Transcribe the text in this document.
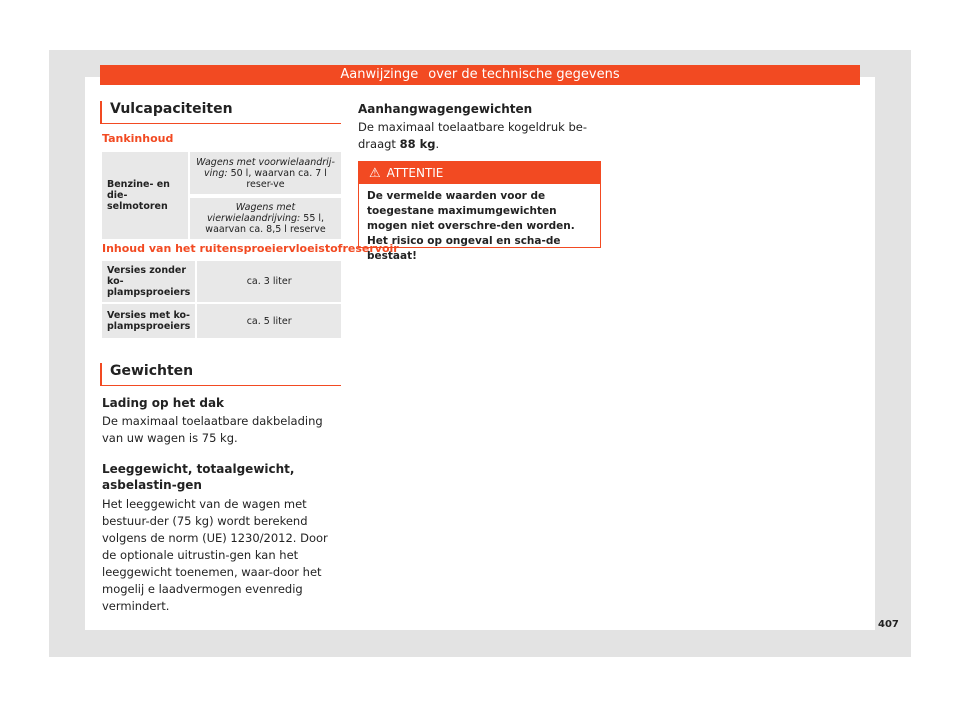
Aanwijzinge over de technische gegevens
Vulcapaciteiten
Tankinhoud
Benzine- en die-selmotoren	Wagens met voorwielaandrij-ving: 50 l, waarvan ca. 7 l reser-ve
Wagens met vierwielaandrijving: 55 l, waarvan ca. 8,5 l reserve
Inhoud van het ruitensproeiervloeistofreservoir
Versies zonder ko-plampsproeiers	ca. 3 liter
Versies met ko-plampsproeiers	ca. 5 liter
Gewichten
Lading op het dak
De maximaal toelaatbare dakbelading van uw wagen is 75 kg.
Leeggewicht, totaalgewicht, asbelastin-gen
Het leeggewicht van de wagen met bestuur-der (75 kg) wordt berekend volgens de norm (UE) 1230/2012. Door de optionale uitrustin-gen kan het leeggewicht toenemen, waar-door het mogelij e laadvermogen evenredig vermindert.
Aanhangwagengewichten
De maximaal toelaatbare kogeldruk be-draagt 88 kg.
⚠ ATTENTIE
De vermelde waarden voor de toegestane maximumgewichten mogen niet overschre-den worden. Het risico op ongeval en scha-de bestaat!
407
